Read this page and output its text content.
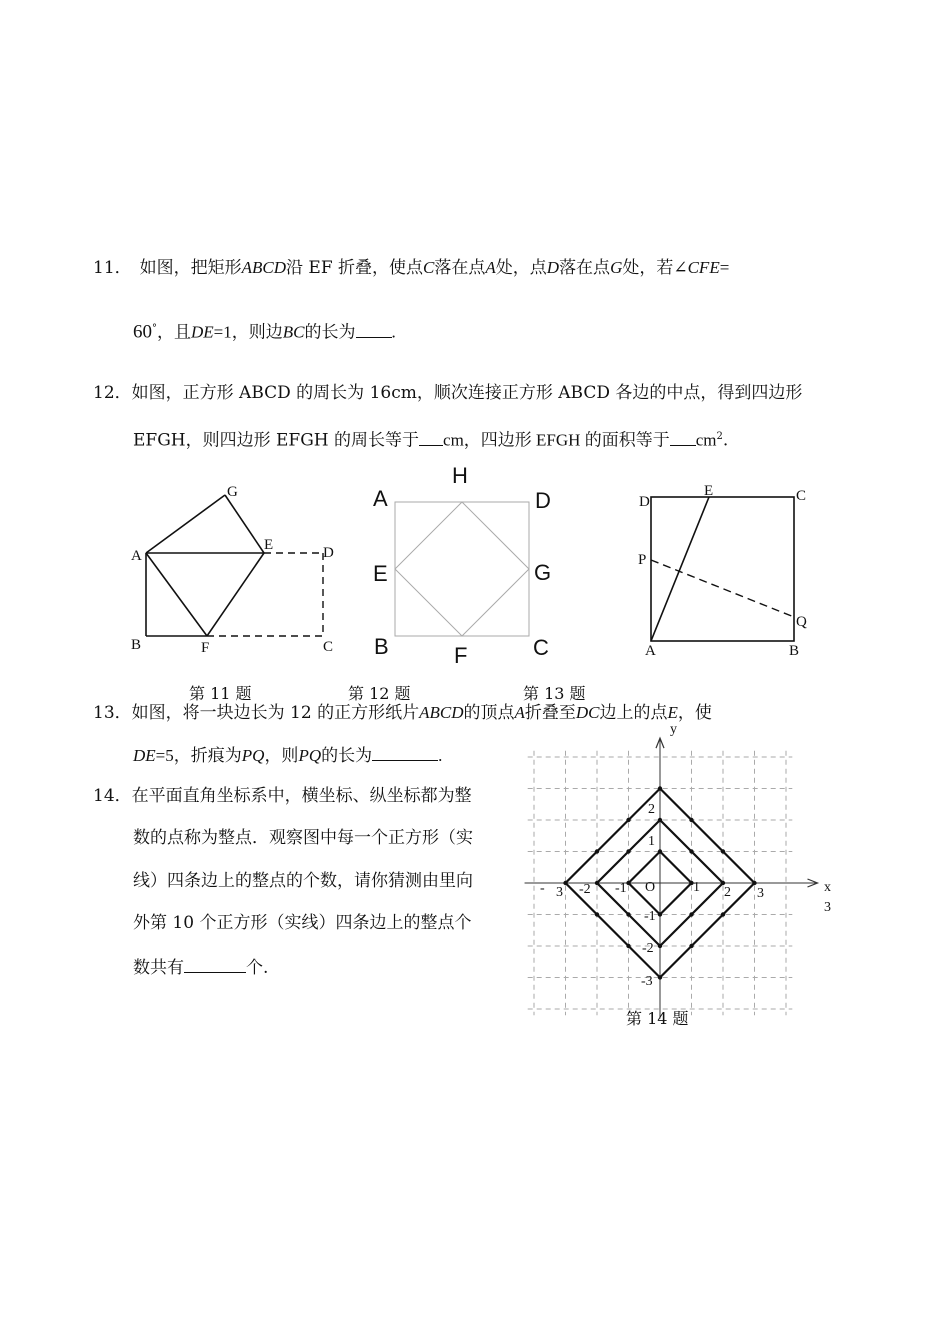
11． 如图，把矩形ABCD沿 EF 折叠，使点C落在点A处，点D落在点G处，若∠CFE=
60°，且DE=1，则边BC的长为 .
12．如图，正方形 ABCD 的周长为 16cm，顺次连接正方形 ABCD 各边的中点，得到四边形
EFGH，则四边形 EFGH 的周长等于 cm，四边形 EFGH 的面积等于 $cm^2$.
A
B	C
D
E
F
G
H
A	D
E	G
B	F	C
D
E	C
P
Q
A	B
第 11 题	第 12 题	第 13 题
13．如图，将一块边长为 12 的正方形纸片ABCD的顶点A折叠至DC边上的点E，使
DE=5，折痕为PQ，则PQ的长为	.
14．在平面直角坐标系中，横坐标、纵坐标都为整
数的点称为整点．观察图中每一个正方形（实
线）四条边上的整点的个数，请你猜测由里向
外第 10 个正方形（实线）四条边上的整点个
数共有	个.
y
x
3
O	1 2 3
-1
-2
- 3
1
2
-1
-2
-3
第 14 题
